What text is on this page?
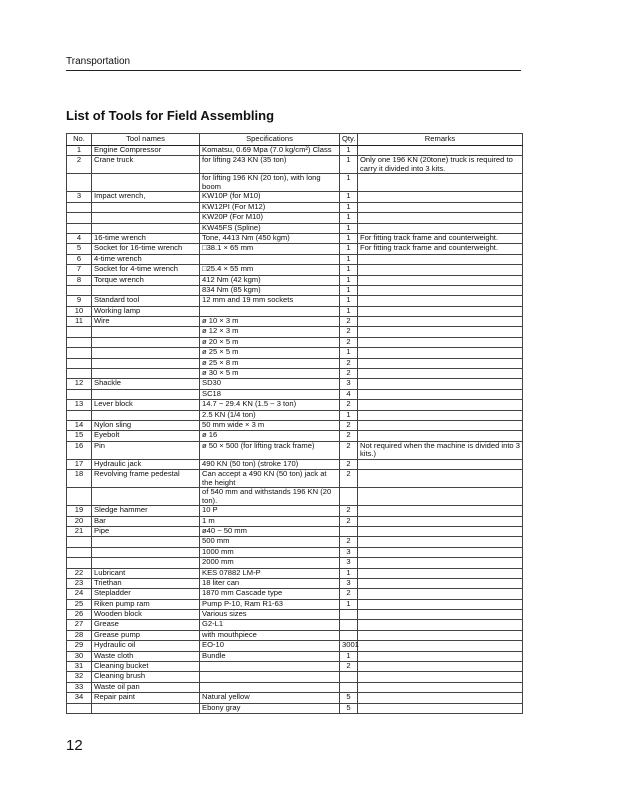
Transportation
List of Tools for Field Assembling
No.	Tool names	Specifications	Qty.	Remarks
1	Engine Compressor	Komatsu, 0.69 Mpa (7.0 kg/cm²) Class	1	
2	Crane truck	for lifting 243 KN (35 ton)	1	Only one 196 KN (20tone) truck is required to carry it divided into 3 kits.
		for lifting 196 KN (20 ton), with long boom	1	
3	Impact wrench,	KW10P (for M10)	1	
		KW12PI (For M12)	1	
		KW20P (For M10)	1	
		KW45FS (Spline)	1	
4	16-time wrench	Tone, 4413 Nm (450 kgm)	1	For fitting track frame and counterweight.
5	Socket for 16-time wrench	□38.1 × 65 mm	1	For fitting track frame and counterweight.
6	4-time wrench		1	
7	Socket for 4-time wrench	□25.4 × 55 mm	1	
8	Torque wrench	412 Nm (42 kgm)	1	
		834 Nm (85 kgm)	1	
9	Standard tool	12 mm and 19 mm sockets	1	
10	Working lamp		1	
11	Wire	ø 10 × 3 m	2	
		ø 12 × 3 m	2	
		ø 20 × 5 m	2	
		ø 25 × 5 m	1	
		ø 25 × 8 m	2	
		ø 30 × 5 m	2	
12	Shackle	SD30	3	
		SC18	4	
13	Lever block	14.7 ~ 29.4 KN (1.5 ~ 3 ton)	2	
		2.5 KN (1/4 ton)	1	
14	Nylon sling	50 mm wide × 3 m	2	
15	Eyebolt	ø 16	2	
16	Pin	ø 50 × 500 (for lifting track frame)	2	Not required when the machine is divided into 3 kits.)
17	Hydraulic jack	490 KN (50 ton) (stroke 170)	2	
18	Revolving frame pedestal	Can accept a 490 KN (50 ton) jack at the height	2	
		of 540 mm and withstands 196 KN (20 ton).		
19	Sledge hammer	10 P	2	
20	Bar	1 m	2	
21	Pipe	ø40 ~ 50 mm		
		500 mm	2	
		1000 mm	3	
		2000 mm	3	
22	Lubricant	KES 07882 LM-P	1	
23	Triethan	18 liter can	3	
24	Stepladder	1870 mm Cascade type	2	
25	Riken pump ram	Pump P-10, Ram R1-63	1	
26	Wooden block	Various sizes		
27	Grease	G2-L1		
28	Grease pump	with mouthpiece		
29	Hydraulic oil	EO-10	3001	
30	Waste cloth	Bundle	1	
31	Cleaning bucket		2	
32	Cleaning brush			
33	Waste oil pan			
34	Repair paint	Natural yellow	5	
		Ebony gray	5	
12
